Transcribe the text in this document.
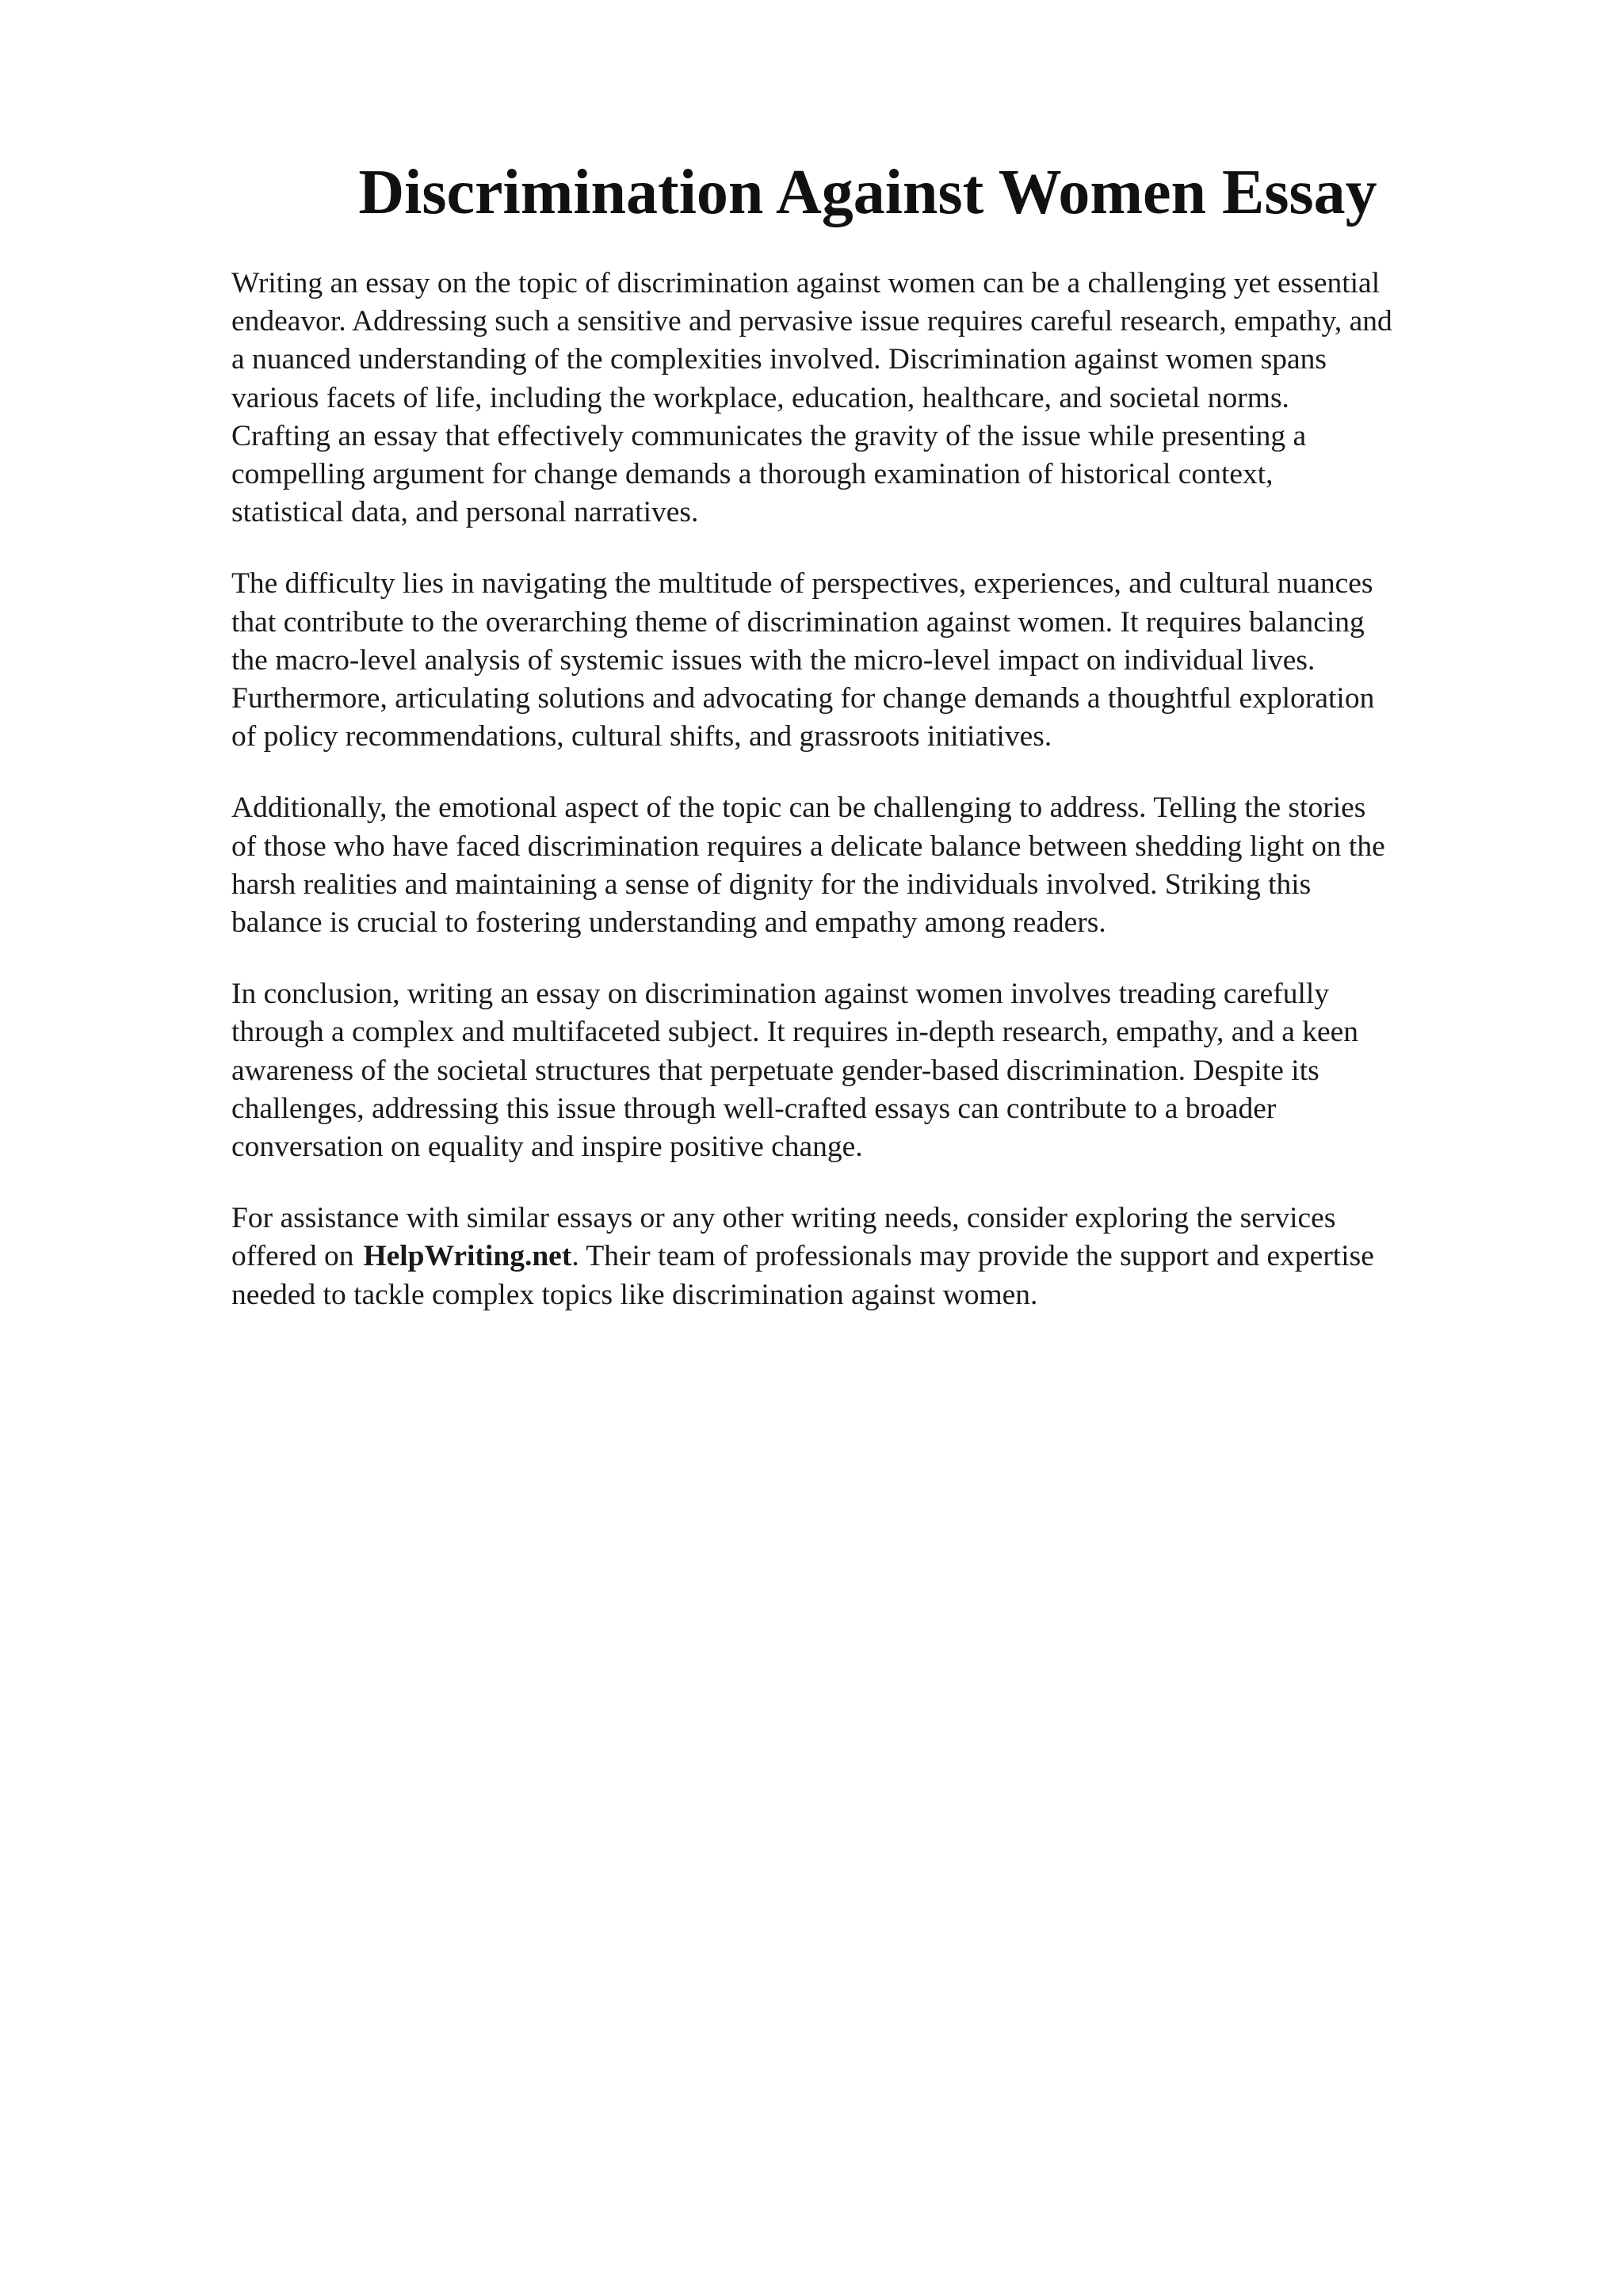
Discrimination Against Women Essay

Writing an essay on the topic of discrimination against women can be a challenging yet essential
endeavor. Addressing such a sensitive and pervasive issue requires careful research, empathy, and
a nuanced understanding of the complexities involved. Discrimination against women spans
various facets of life, including the workplace, education, healthcare, and societal norms.
Crafting an essay that effectively communicates the gravity of the issue while presenting a
compelling argument for change demands a thorough examination of historical context,
statistical data, and personal narratives.

The difficulty lies in navigating the multitude of perspectives, experiences, and cultural nuances
that contribute to the overarching theme of discrimination against women. It requires balancing
the macro-level analysis of systemic issues with the micro-level impact on individual lives.
Furthermore, articulating solutions and advocating for change demands a thoughtful exploration
of policy recommendations, cultural shifts, and grassroots initiatives.

Additionally, the emotional aspect of the topic can be challenging to address. Telling the stories
of those who have faced discrimination requires a delicate balance between shedding light on the
harsh realities and maintaining a sense of dignity for the individuals involved. Striking this
balance is crucial to fostering understanding and empathy among readers.

In conclusion, writing an essay on discrimination against women involves treading carefully
through a complex and multifaceted subject. It requires in-depth research, empathy, and a keen
awareness of the societal structures that perpetuate gender-based discrimination. Despite its
challenges, addressing this issue through well-crafted essays can contribute to a broader
conversation on equality and inspire positive change.

For assistance with similar essays or any other writing needs, consider exploring the services
offered on HelpWriting.net. Their team of professionals may provide the support and expertise
needed to tackle complex topics like discrimination against women.
